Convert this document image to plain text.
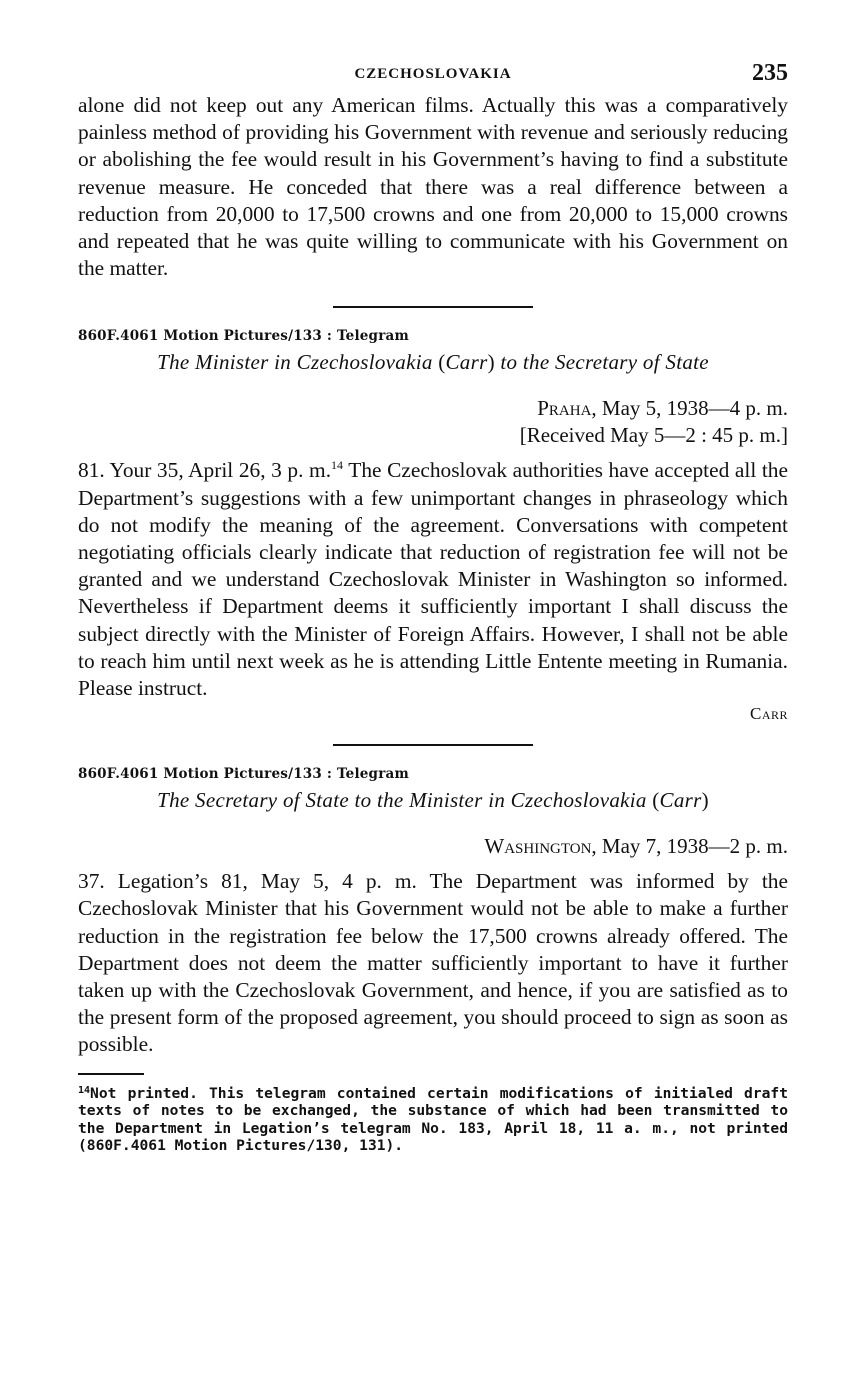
CZECHOSLOVAKIA	235

alone did not keep out any American films. Actually this was a comparatively painless method of providing his Government with revenue and seriously reducing or abolishing the fee would result in his Government’s having to find a substitute revenue measure. He conceded that there was a real difference between a reduction from 20,000 to 17,500 crowns and one from 20,000 to 15,000 crowns and repeated that he was quite willing to communicate with his Government on the matter.

860F.4061 Motion Pictures/133 : Telegram

The Minister in Czechoslovakia (Carr) to the Secretary of State

Praha, May 5, 1938—4 p. m.

[Received May 5—2 : 45 p. m.]

81. Your 35, April 26, 3 p. m.$^{14}$ The Czechoslovak authorities have accepted all the Department’s suggestions with a few unimportant changes in phraseology which do not modify the meaning of the agreement. Conversations with competent negotiating officials clearly indicate that reduction of registration fee will not be granted and we understand Czechoslovak Minister in Washington so informed. Nevertheless if Department deems it sufficiently important I shall discuss the subject directly with the Minister of Foreign Affairs. However, I shall not be able to reach him until next week as he is attending Little Entente meeting in Rumania. Please instruct.

Carr

860F.4061 Motion Pictures/133 : Telegram

The Secretary of State to the Minister in Czechoslovakia (Carr)

Washington, May 7, 1938—2 p. m.

37. Legation’s 81, May 5, 4 p. m. The Department was informed by the Czechoslovak Minister that his Government would not be able to make a further reduction in the registration fee below the 17,500 crowns already offered. The Department does not deem the matter sufficiently important to have it further taken up with the Czechoslovak Government, and hence, if you are satisfied as to the present form of the proposed agreement, you should proceed to sign as soon as possible.

$^{14}$Not printed. This telegram contained certain modifications of initialed draft texts of notes to be exchanged, the substance of which had been transmitted to the Department in Legation’s telegram No. 183, April 18, 11 a. m., not printed (860F.4061 Motion Pictures/130, 131).
